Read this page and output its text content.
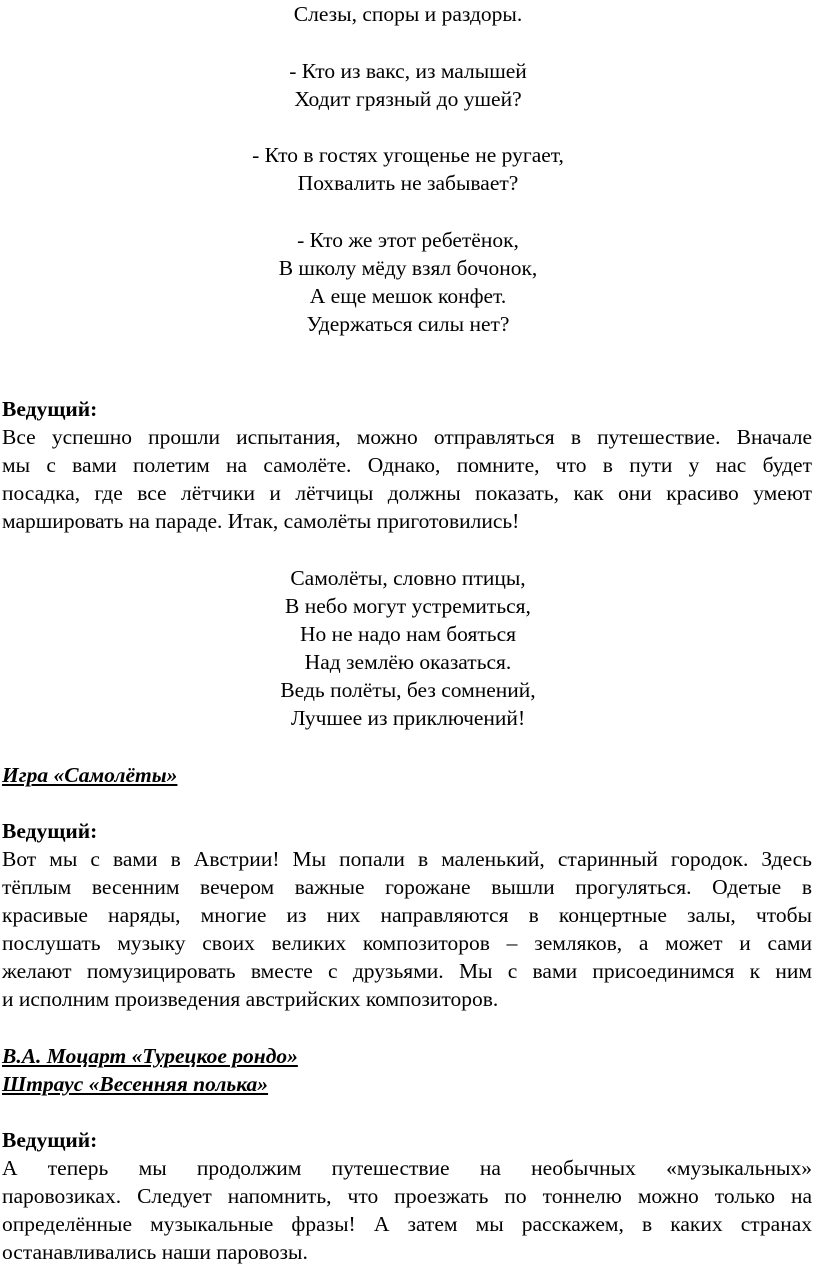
Слезы, споры и раздоры.
- Кто из вакс, из малышей
Ходит грязный до ушей?
- Кто в гостях угощенье не ругает,
Похвалить не забывает?
- Кто же этот ребетёнок,
В школу мёду взял бочонок,
А еще мешок конфет.
Удержаться силы нет?
Ведущий:
Все успешно прошли испытания, можно отправляться в путешествие. Вначале
мы с вами полетим на самолёте. Однако, помните, что в пути у нас будет
посадка, где все лётчики и лётчицы должны показать, как они красиво умеют
маршировать на параде. Итак, самолёты приготовились!
Самолёты, словно птицы,
В небо могут устремиться,
Но не надо нам бояться
Над землёю оказаться.
Ведь полёты, без сомнений,
Лучшее из приключений!
Игра «Самолёты»
Ведущий:
Вот мы с вами в Австрии! Мы попали в маленький, старинный городок. Здесь
тёплым весенним вечером важные горожане вышли прогуляться. Одетые в
красивые наряды, многие из них направляются в концертные залы, чтобы
послушать музыку своих великих композиторов – земляков, а может и сами
желают помузицировать вместе с друзьями. Мы с вами присоединимся к ним
и исполним произведения австрийских композиторов.
В.А. Моцарт «Турецкое рондо»
Штраус «Весенняя полька»
Ведущий:
А теперь мы продолжим путешествие на необычных «музыкальных»
паровозиках. Следует напомнить, что проезжать по тоннелю можно только на
определённые музыкальные фразы! А затем мы расскажем, в каких странах
останавливались наши паровозы.
